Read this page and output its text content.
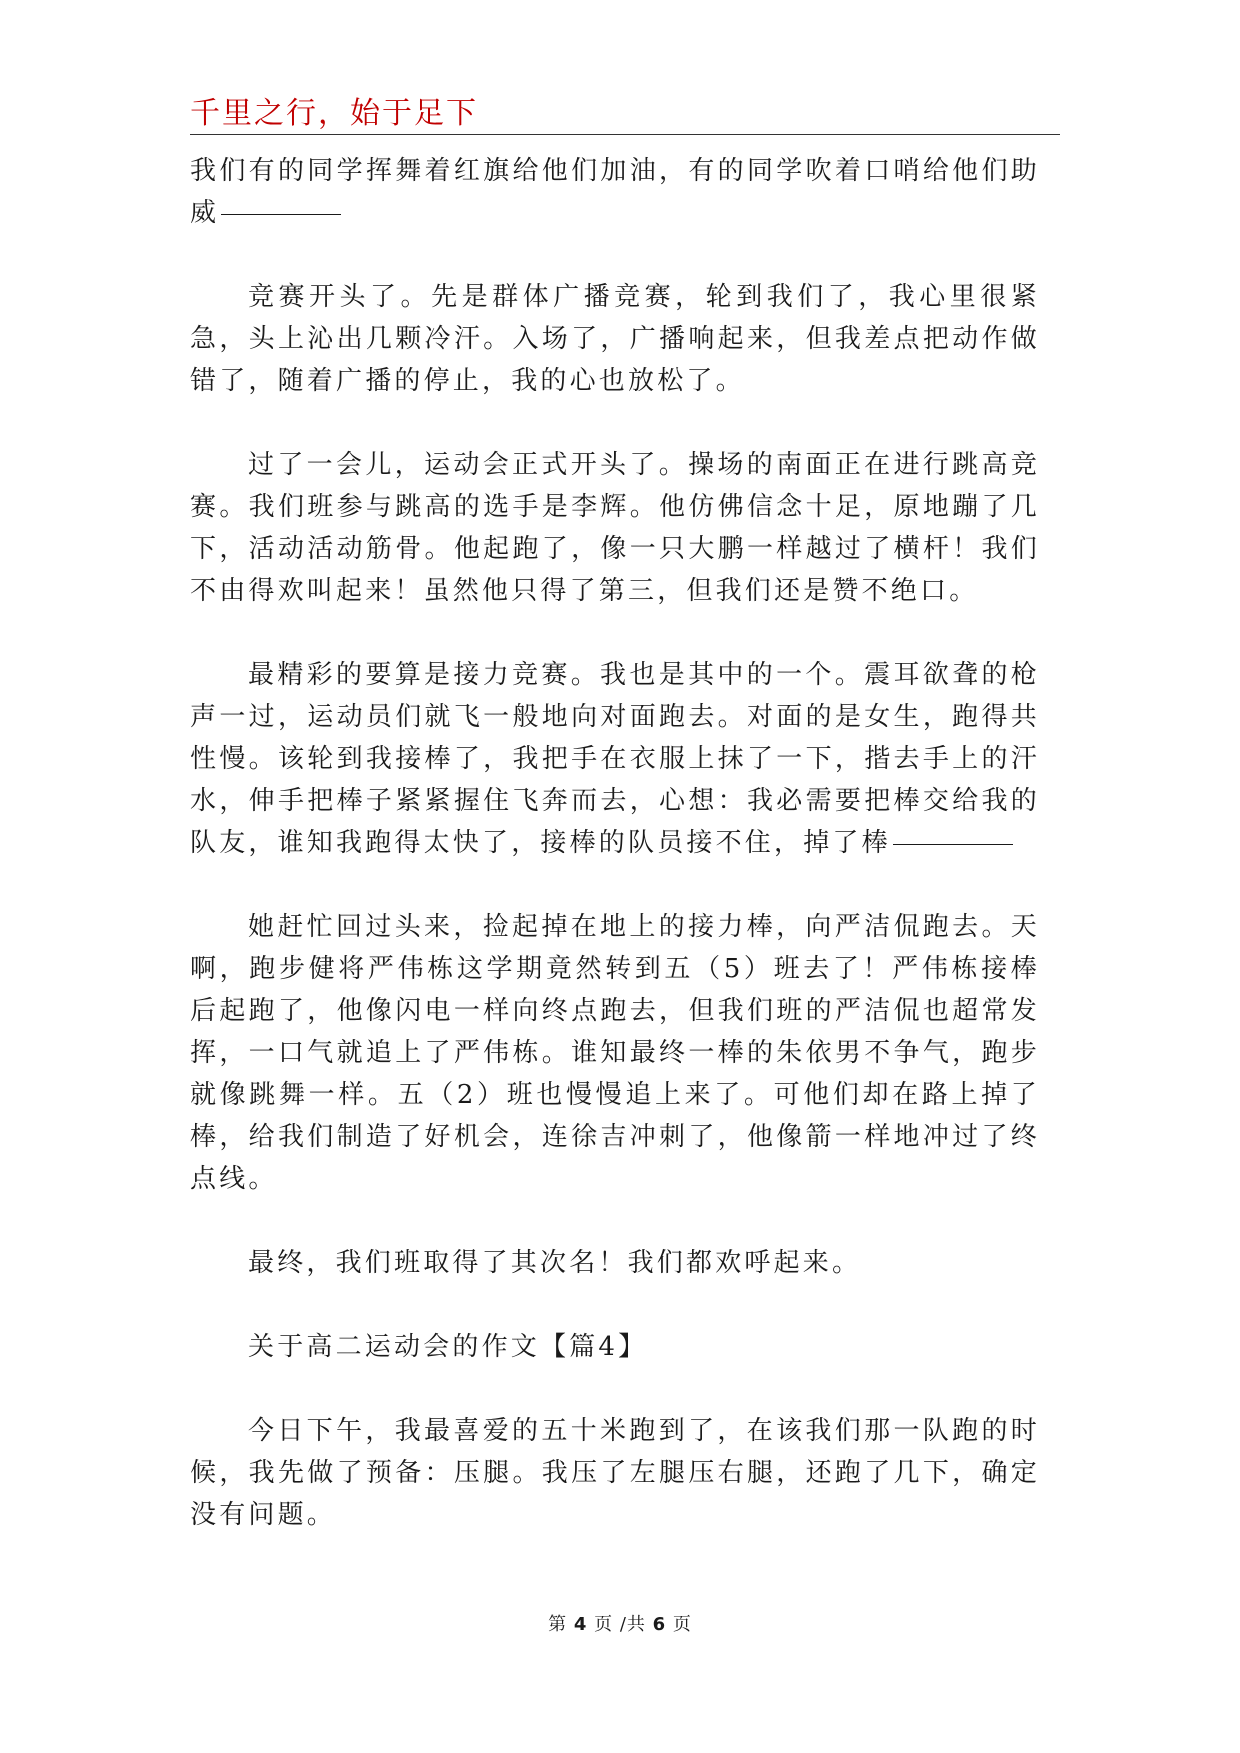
千里之行，始于足下

我们有的同学挥舞着红旗给他们加油，有的同学吹着口哨给他们助威

竞赛开头了。先是群体广播竞赛，轮到我们了，我心里很紧急，头上沁出几颗冷汗。入场了，广播响起来，但我差点把动作做错了，随着广播的停止，我的心也放松了。

过了一会儿，运动会正式开头了。操场的南面正在进行跳高竞赛。我们班参与跳高的选手是李辉。他仿佛信念十足，原地蹦了几下，活动活动筋骨。他起跑了，像一只大鹏一样越过了横杆！我们不由得欢叫起来！虽然他只得了第三，但我们还是赞不绝口。

最精彩的要算是接力竞赛。我也是其中的一个。震耳欲聋的枪声一过，运动员们就飞一般地向对面跑去。对面的是女生，跑得共性慢。该轮到我接棒了，我把手在衣服上抹了一下，揩去手上的汗水，伸手把棒子紧紧握住飞奔而去，心想：我必需要把棒交给我的队友，谁知我跑得太快了，接棒的队员接不住，掉了棒

她赶忙回过头来，捡起掉在地上的接力棒，向严洁侃跑去。天啊，跑步健将严伟栋这学期竟然转到五（5）班去了！严伟栋接棒后起跑了，他像闪电一样向终点跑去，但我们班的严洁侃也超常发挥，一口气就追上了严伟栋。谁知最终一棒的朱依男不争气，跑步就像跳舞一样。五（2）班也慢慢追上来了。可他们却在路上掉了棒，给我们制造了好机会，连徐吉冲刺了，他像箭一样地冲过了终点线。

最终，我们班取得了其次名！我们都欢呼起来。

关于高二运动会的作文【篇4】

今日下午，我最喜爱的五十米跑到了，在该我们那一队跑的时候，我先做了预备：压腿。我压了左腿压右腿，还跑了几下，确定没有问题。

第 4 页 /共 6 页
